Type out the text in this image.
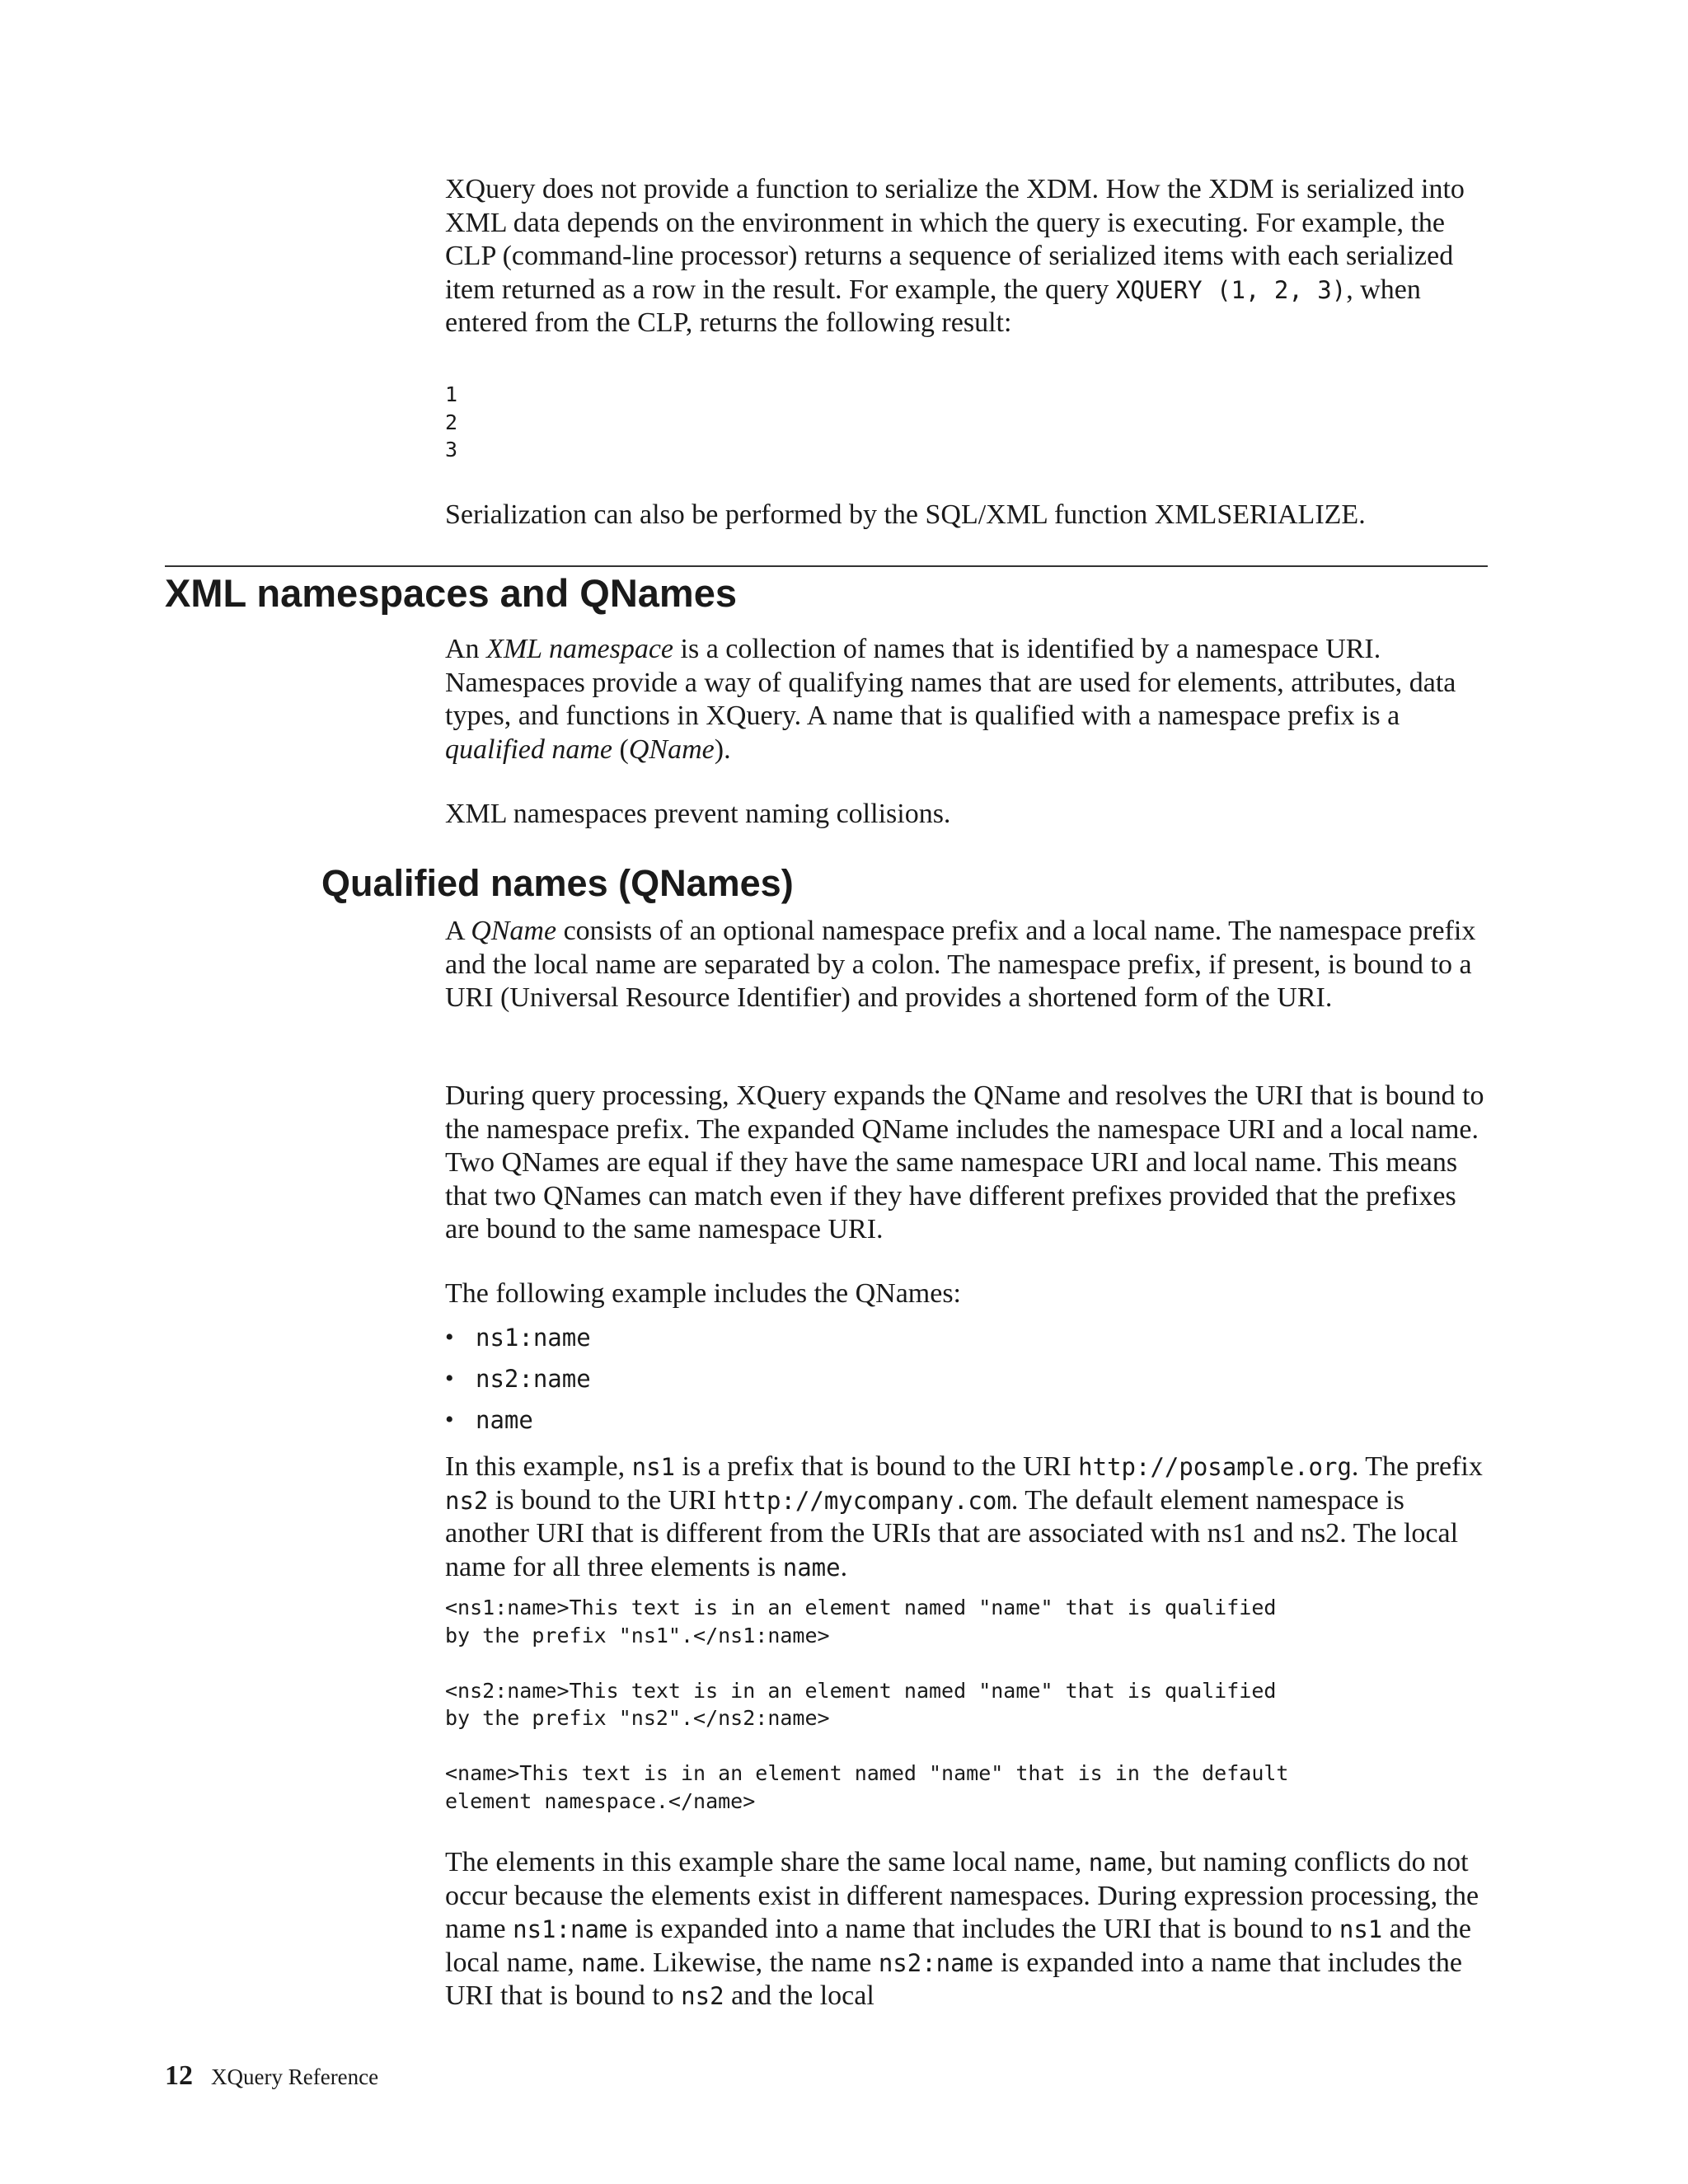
XQuery does not provide a function to serialize the XDM. How the XDM is serialized into XML data depends on the environment in which the query is executing. For example, the CLP (command-line processor) returns a sequence of serialized items with each serialized item returned as a row in the result. For example, the query XQUERY (1, 2, 3), when entered from the CLP, returns the following result:

1
2
3

Serialization can also be performed by the SQL/XML function XMLSERIALIZE.

XML namespaces and QNames

An XML namespace is a collection of names that is identified by a namespace URI. Namespaces provide a way of qualifying names that are used for elements, attributes, data types, and functions in XQuery. A name that is qualified with a namespace prefix is a qualified name (QName).

XML namespaces prevent naming collisions.

Qualified names (QNames)

A QName consists of an optional namespace prefix and a local name. The namespace prefix and the local name are separated by a colon. The namespace prefix, if present, is bound to a URI (Universal Resource Identifier) and provides a shortened form of the URI.

During query processing, XQuery expands the QName and resolves the URI that is bound to the namespace prefix. The expanded QName includes the namespace URI and a local name. Two QNames are equal if they have the same namespace URI and local name. This means that two QNames can match even if they have different prefixes provided that the prefixes are bound to the same namespace URI.

The following example includes the QNames:

• ns1:name
• ns2:name
• name

In this example, ns1 is a prefix that is bound to the URI http://posample.org. The prefix ns2 is bound to the URI http://mycompany.com. The default element namespace is another URI that is different from the URIs that are associated with ns1 and ns2. The local name for all three elements is name.

<ns1:name>This text is in an element named "name" that is qualified
by the prefix "ns1".</ns1:name>

<ns2:name>This text is in an element named "name" that is qualified
by the prefix "ns2".</ns2:name>

<name>This text is in an element named "name" that is in the default
element namespace.</name>

The elements in this example share the same local name, name, but naming conflicts do not occur because the elements exist in different namespaces. During expression processing, the name ns1:name is expanded into a name that includes the URI that is bound to ns1 and the local name, name. Likewise, the name ns2:name is expanded into a name that includes the URI that is bound to ns2 and the local

12 XQuery Reference
